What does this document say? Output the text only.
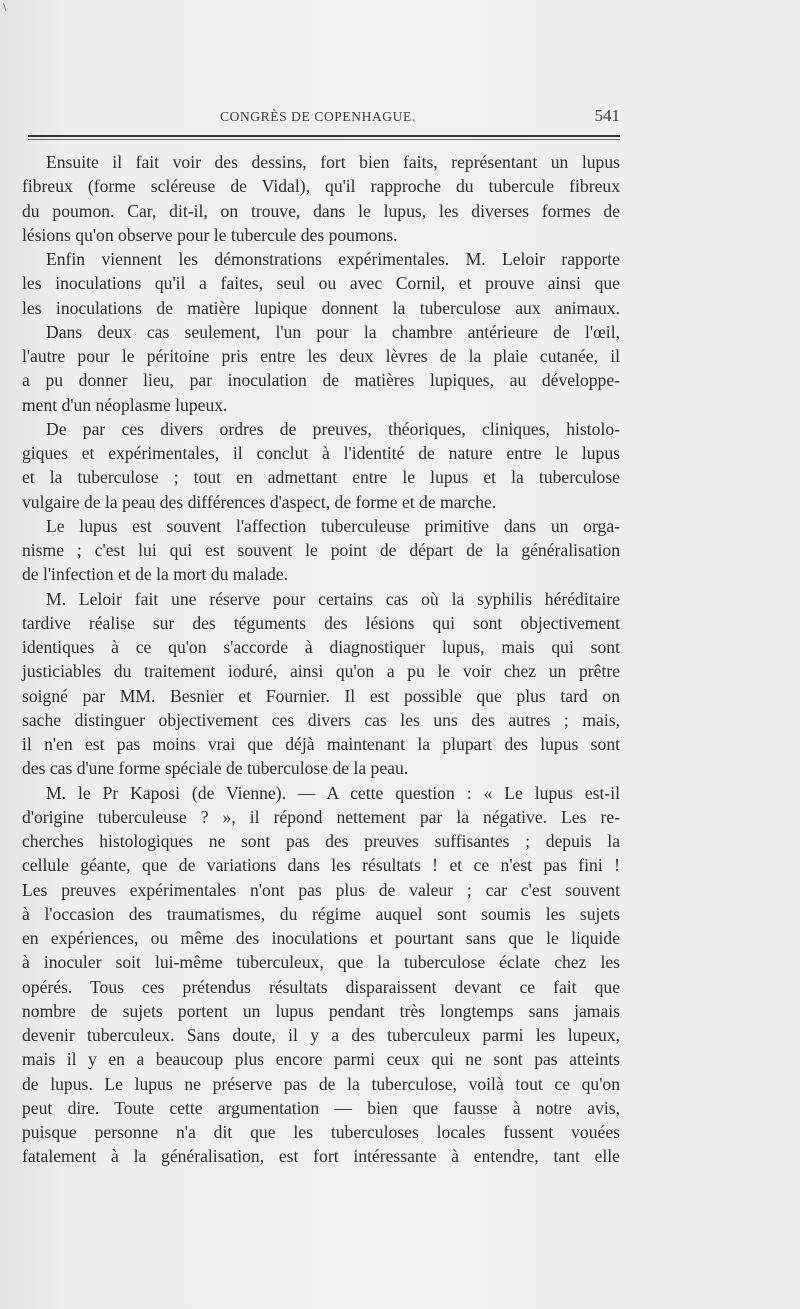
\
CONGRÈS DE COPENHAGUE.	541
Ensuite il fait voir des dessins, fort bien faits, représentant un lupus
fibreux (forme scléreuse de Vidal), qu'il rapproche du tubercule fibreux
du poumon. Car, dit-il, on trouve, dans le lupus, les diverses formes de
lésions qu'on observe pour le tubercule des poumons.
Enfin viennent les démonstrations expérimentales. M. Leloir rapporte
les inoculations qu'il a faites, seul ou avec Cornil, et prouve ainsi que
les inoculations de matière lupique donnent la tuberculose aux animaux.
Dans deux cas seulement, l'un pour la chambre antérieure de l'œil,
l'autre pour le péritoine pris entre les deux lèvres de la plaie cutanée, il
a pu donner lieu, par inoculation de matières lupiques, au développe-
ment d'un néoplasme lupeux.
De par ces divers ordres de preuves, théoriques, cliniques, histolo-
giques et expérimentales, il conclut à l'identité de nature entre le lupus
et la tuberculose ; tout en admettant entre le lupus et la tuberculose
vulgaire de la peau des différences d'aspect, de forme et de marche.
Le lupus est souvent l'affection tuberculeuse primitive dans un orga-
nisme ; c'est lui qui est souvent le point de départ de la généralisation
de l'infection et de la mort du malade.
M. Leloir fait une réserve pour certains cas où la syphilis héréditaire
tardive réalise sur des téguments des lésions qui sont objectivement
identiques à ce qu'on s'accorde à diagnostiquer lupus, mais qui sont
justiciables du traitement ioduré, ainsi qu'on a pu le voir chez un prêtre
soigné par MM. Besnier et Fournier. Il est possible que plus tard on
sache distinguer objectivement ces divers cas les uns des autres ; mais,
il n'en est pas moins vrai que déjà maintenant la plupart des lupus sont
des cas d'une forme spéciale de tuberculose de la peau.
M. le Pr Kaposi (de Vienne). — A cette question : « Le lupus est-il
d'origine tuberculeuse ? », il répond nettement par la négative. Les re-
cherches histologiques ne sont pas des preuves suffisantes ; depuis la
cellule géante, que de variations dans les résultats ! et ce n'est pas fini !
Les preuves expérimentales n'ont pas plus de valeur ; car c'est souvent
à l'occasion des traumatismes, du régime auquel sont soumis les sujets
en expériences, ou même des inoculations et pourtant sans que le liquide
à inoculer soit lui-même tuberculeux, que la tuberculose éclate chez les
opérés. Tous ces prétendus résultats disparaissent devant ce fait que
nombre de sujets portent un lupus pendant très longtemps sans jamais
devenir tuberculeux. Sans doute, il y a des tuberculeux parmi les lupeux,
mais il y en a beaucoup plus encore parmi ceux qui ne sont pas atteints
de lupus. Le lupus ne préserve pas de la tuberculose, voilà tout ce qu'on
peut dire. Toute cette argumentation — bien que fausse à notre avis,
puisque personne n'a dit que les tuberculoses locales fussent vouées
fatalement à la généralisation, est fort intéressante à entendre, tant elle
